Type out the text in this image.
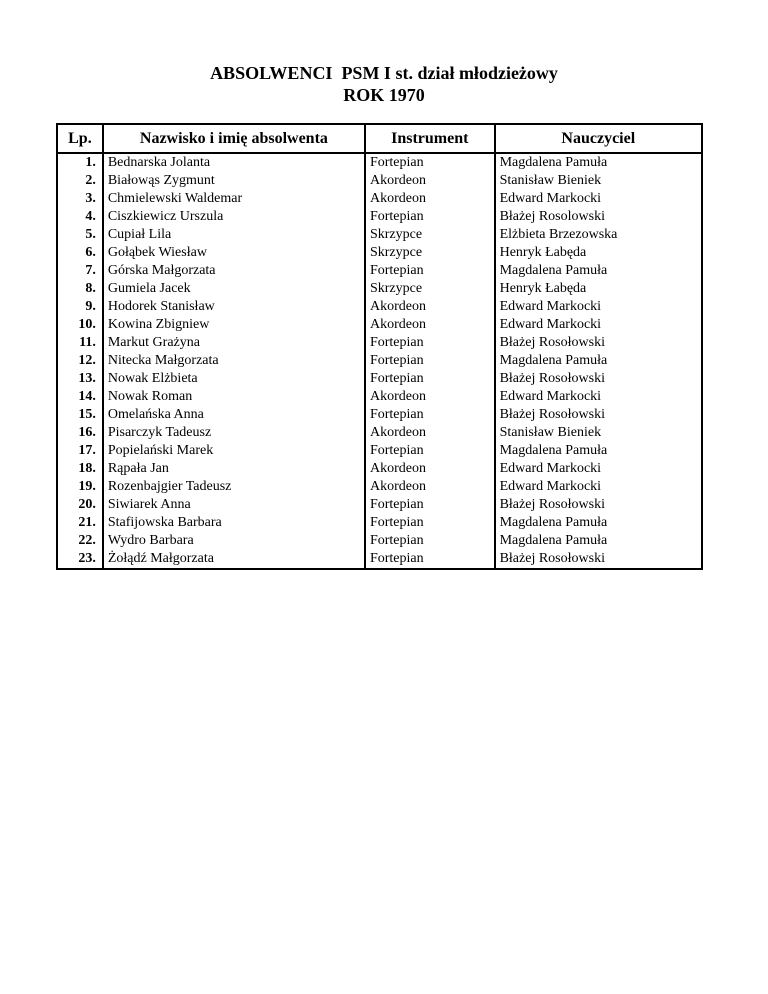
ABSOLWENCI  PSM I st. dział młodzieżowy
ROK 1970
Lp.	Nazwisko i imię absolwenta	Instrument	Nauczyciel
1.	Bednarska Jolanta	Fortepian	Magdalena Pamuła
2.	Białowąs Zygmunt	Akordeon	Stanisław Bieniek
3.	Chmielewski Waldemar	Akordeon	Edward Markocki
4.	Ciszkiewicz Urszula	Fortepian	Błażej Rosolowski
5.	Cupiał Lila	Skrzypce	Elżbieta Brzezowska
6.	Gołąbek Wiesław	Skrzypce	Henryk Łabęda
7.	Górska Małgorzata	Fortepian	Magdalena Pamuła
8.	Gumiela Jacek	Skrzypce	Henryk Łabęda
9.	Hodorek Stanisław	Akordeon	Edward Markocki
10.	Kowina Zbigniew	Akordeon	Edward Markocki
11.	Markut Grażyna	Fortepian	Błażej Rosołowski
12.	Nitecka Małgorzata	Fortepian	Magdalena Pamuła
13.	Nowak Elżbieta	Fortepian	Błażej Rosołowski
14.	Nowak Roman	Akordeon	Edward Markocki
15.	Omelańska Anna	Fortepian	Błażej Rosołowski
16.	Pisarczyk Tadeusz	Akordeon	Stanisław Bieniek
17.	Popielański Marek	Fortepian	Magdalena Pamuła
18.	Rąpała Jan	Akordeon	Edward Markocki
19.	Rozenbajgier Tadeusz	Akordeon	Edward Markocki
20.	Siwiarek Anna	Fortepian	Błażej Rosołowski
21.	Stafijowska Barbara	Fortepian	Magdalena Pamuła
22.	Wydro Barbara	Fortepian	Magdalena Pamuła
23.	Żołądź Małgorzata	Fortepian	Błażej Rosołowski
